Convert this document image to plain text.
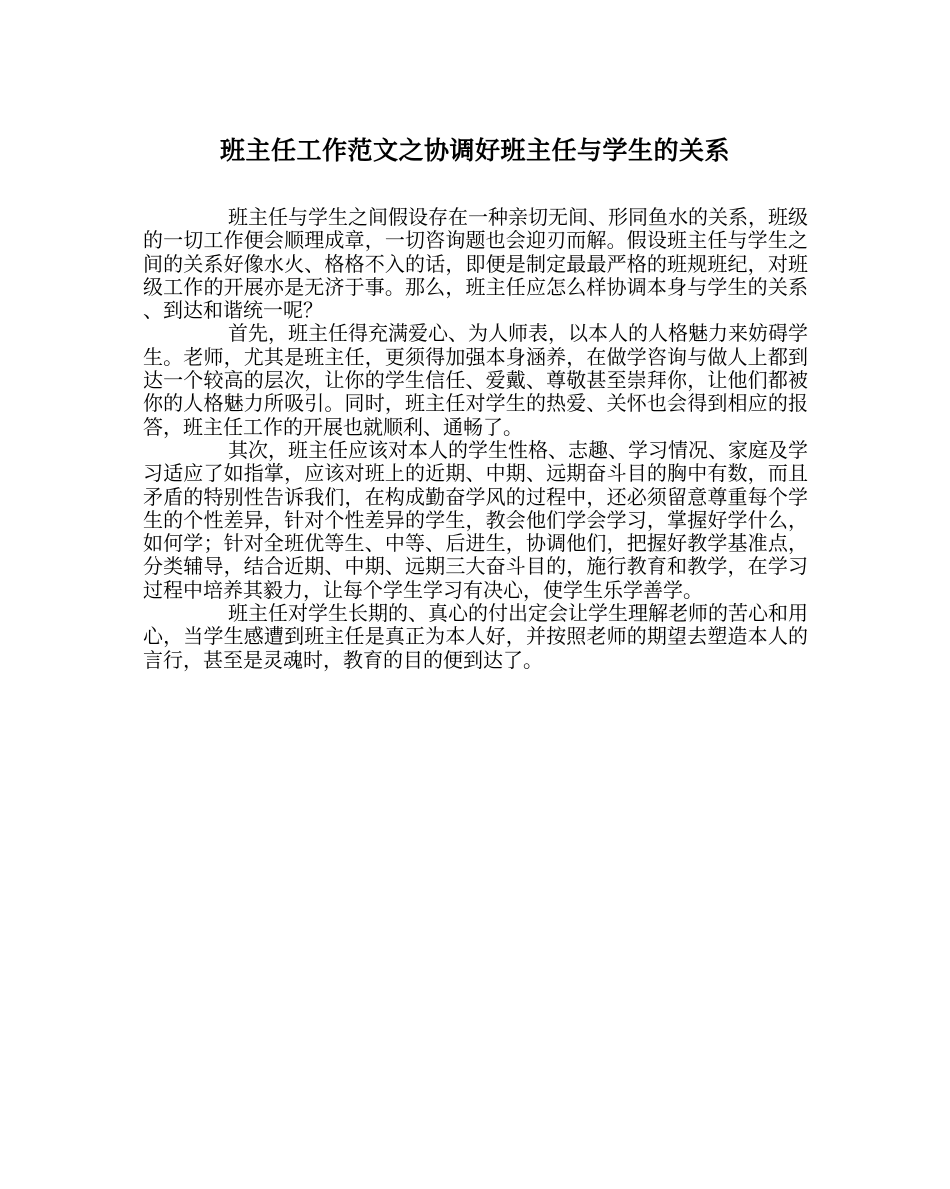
班主任工作范文之协调好班主任与学生的关系

班主任与学生之间假设存在一种亲切无间、形同鱼水的关系，班级的一切工作便会顺理成章，一切咨询题也会迎刃而解。假设班主任与学生之间的关系好像水火、格格不入的话，即便是制定最最严格的班规班纪，对班级工作的开展亦是无济于事。那么，班主任应怎么样协调本身与学生的关系、到达和谐统一呢？

首先，班主任得充满爱心、为人师表，以本人的人格魅力来妨碍学生。老师，尤其是班主任，更须得加强本身涵养，在做学咨询与做人上都到达一个较高的层次，让你的学生信任、爱戴、尊敬甚至崇拜你，让他们都被你的人格魅力所吸引。同时，班主任对学生的热爱、关怀也会得到相应的报答，班主任工作的开展也就顺利、通畅了。

其次，班主任应该对本人的学生性格、志趣、学习情况、家庭及学习适应了如指掌，应该对班上的近期、中期、远期奋斗目的胸中有数，而且矛盾的特别性告诉我们，在构成勤奋学风的过程中，还必须留意尊重每个学生的个性差异，针对个性差异的学生，教会他们学会学习，掌握好学什么，如何学；针对全班优等生、中等、后进生，协调他们，把握好教学基准点，分类辅导，结合近期、中期、远期三大奋斗目的，施行教育和教学，在学习过程中培养其毅力，让每个学生学习有决心，使学生乐学善学。

班主任对学生长期的、真心的付出定会让学生理解老师的苦心和用心，当学生感遭到班主任是真正为本人好，并按照老师的期望去塑造本人的言行，甚至是灵魂时，教育的目的便到达了。
